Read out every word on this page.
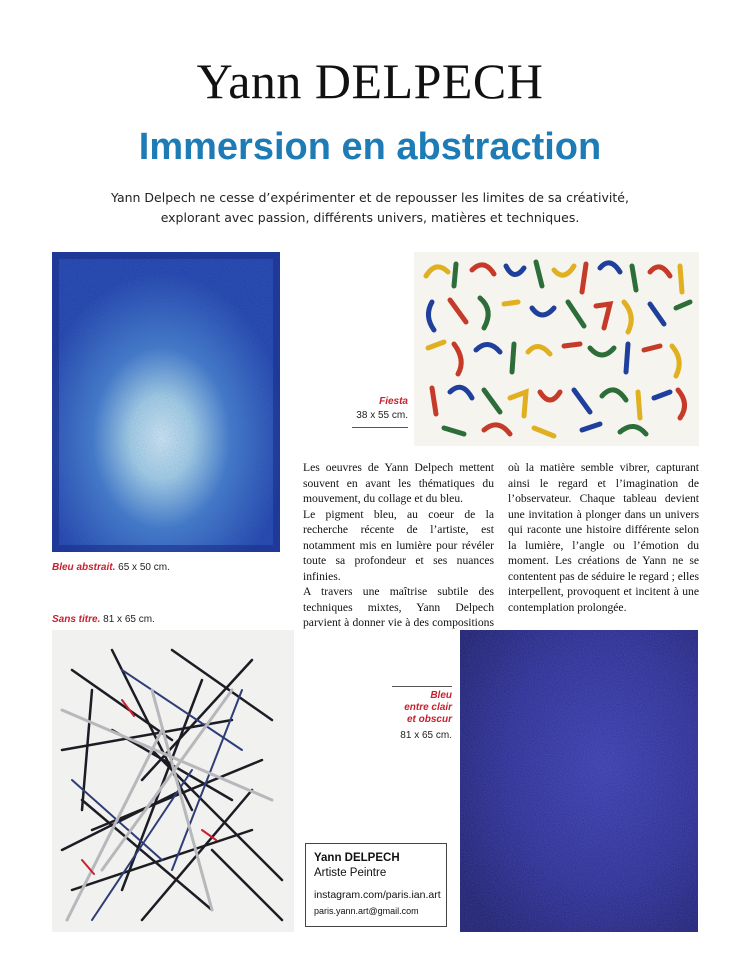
Yann DELPECH
Immersion en abstraction
Yann Delpech ne cesse d’expérimenter et de repousser les limites de sa créativité, explorant avec passion, différents univers, matières et techniques.
Bleu abstrait. 65 x 50 cm.
Fiesta
38 x 55 cm.

Les oeuvres de Yann Delpech mettent souvent en avant les thématiques du mouvement, du collage et du bleu.

Le pigment bleu, au coeur de la recherche récente de l’artiste, est notamment mis en lumière pour révéler toute sa profondeur et ses nuances infinies.

A travers une maîtrise subtile des techniques mixtes, Yann Delpech parvient à donner vie à des compositions où la matière semble vibrer, capturant ainsi le regard et l’imagination de l’observateur. Chaque tableau devient une invitation à plonger dans un univers qui raconte une histoire différente selon la lumière, l’angle ou l’émotion du moment. Les créations de Yann ne se contentent pas de séduire le regard ; elles interpellent, provoquent et incitent à une contemplation prolongée.

Sans titre. 81 x 65 cm.
Bleu
entre clair
et obscur
81 x 65 cm.
Yann DELPECH
Artiste Peintre
instagram.com/paris.ian.art
paris.yann.art@gmail.com
